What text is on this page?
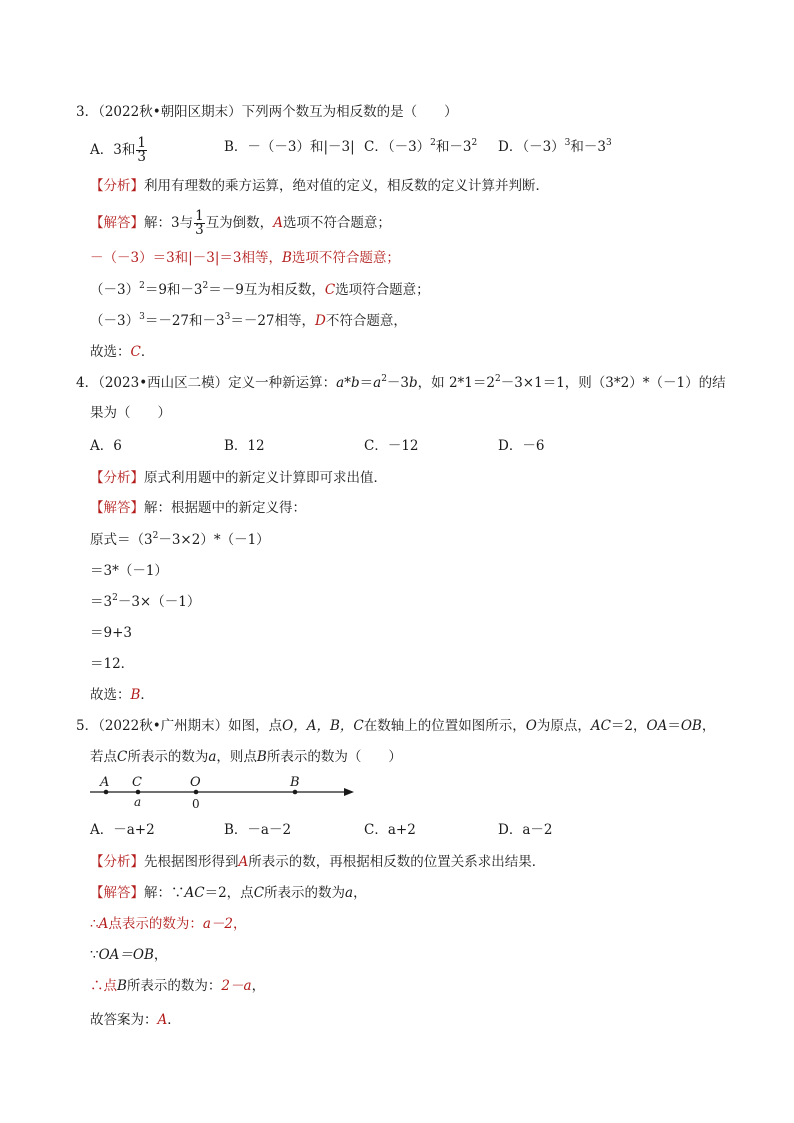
3．（2022秋•朝阳区期末）下列两个数互为相反数的是（　　）
A．3和 $\frac{1}{3}$	B．－（－3）和|－3| C．$(-3)^2$和$-3^2$ D．$(-3)^3$和$-3^3$
【分析】利用有理数的乘方运算，绝对值的定义，相反数的定义计算并判断．
【解答】解：3与 $\frac{1}{3}$ 互为倒数，A选项不符合题意；
－（－3）＝3和|－3|＝3相等，B选项不符合题意；
$(-3)^2=9$和$-3^2=-9$互为相反数，C选项符合题意；
$(-3)^3=-27$和$-3^3=-27$相等，D不符合题意，
故选：C．
4．（2023•西山区二模）定义一种新运算：$a*b=a^2-3b$，如 $2*1=2^2-3\times 1=1$，则（3*2）*（－1）的结
果为（　　）
A．6	B．12	C．－12	D．－6
【分析】原式利用题中的新定义计算即可求出值．
【解答】解：根据题中的新定义得：
原式$=(3^2-3\times 2)*(-1)$
＝3*（－1）
$=3^2-3\times(-1)$
＝9+3
＝12．
故选：B．
5．（2022秋•广州期末）如图，点O，A，B，C在数轴上的位置如图所示，O为原点，AC＝2，OA＝OB，
若点C所表示的数为a，则点B所表示的数为（　　）
A C	O	B
a	0
A．－a+2	B．－a－2	C．a+2	D．a－2
【分析】先根据图形得到A所表示的数，再根据相反数的位置关系求出结果．
【解答】解：∵AC＝2，点C所表示的数为a，
∴A点表示的数为：a－2，
∵OA＝OB，
∴点B所表示的数为：2－a，
故答案为：A．
